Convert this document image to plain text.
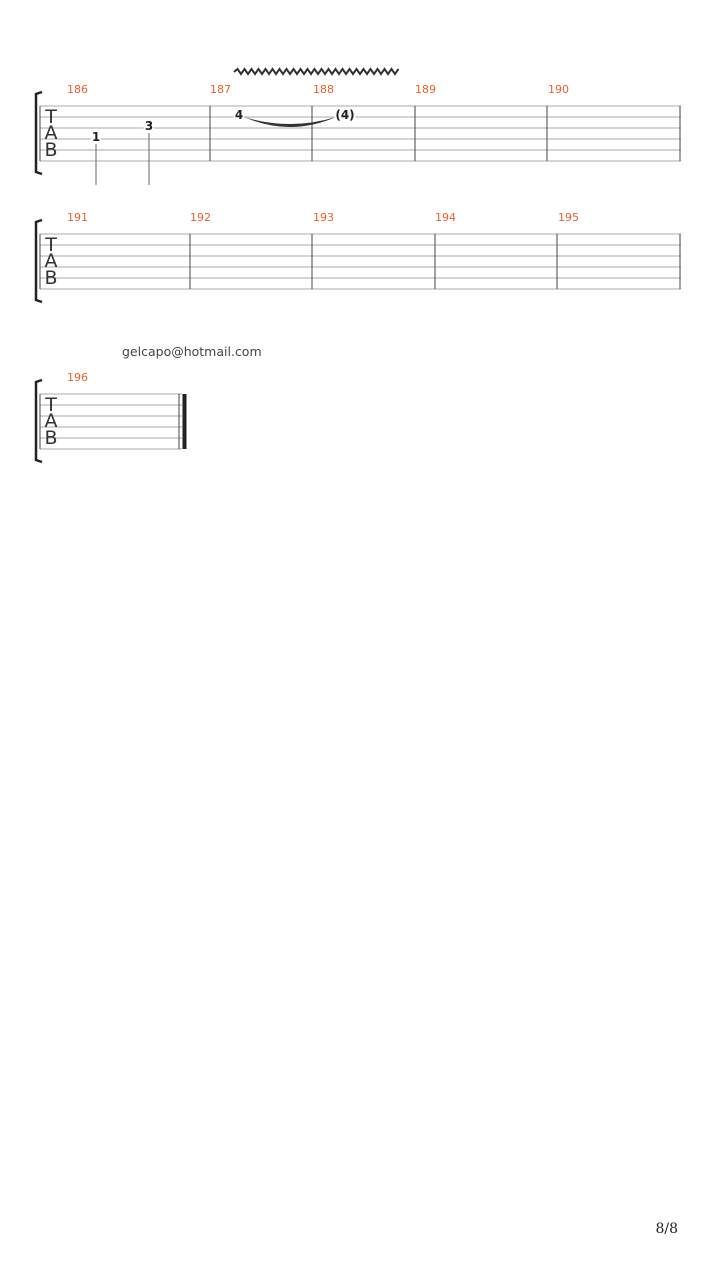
186	187	188	189	190
T
A
B
1
3
4	(4)
191	192	193	194	195
T
A
B
gelcapo@hotmail.com
196
T
A
B
8/8
